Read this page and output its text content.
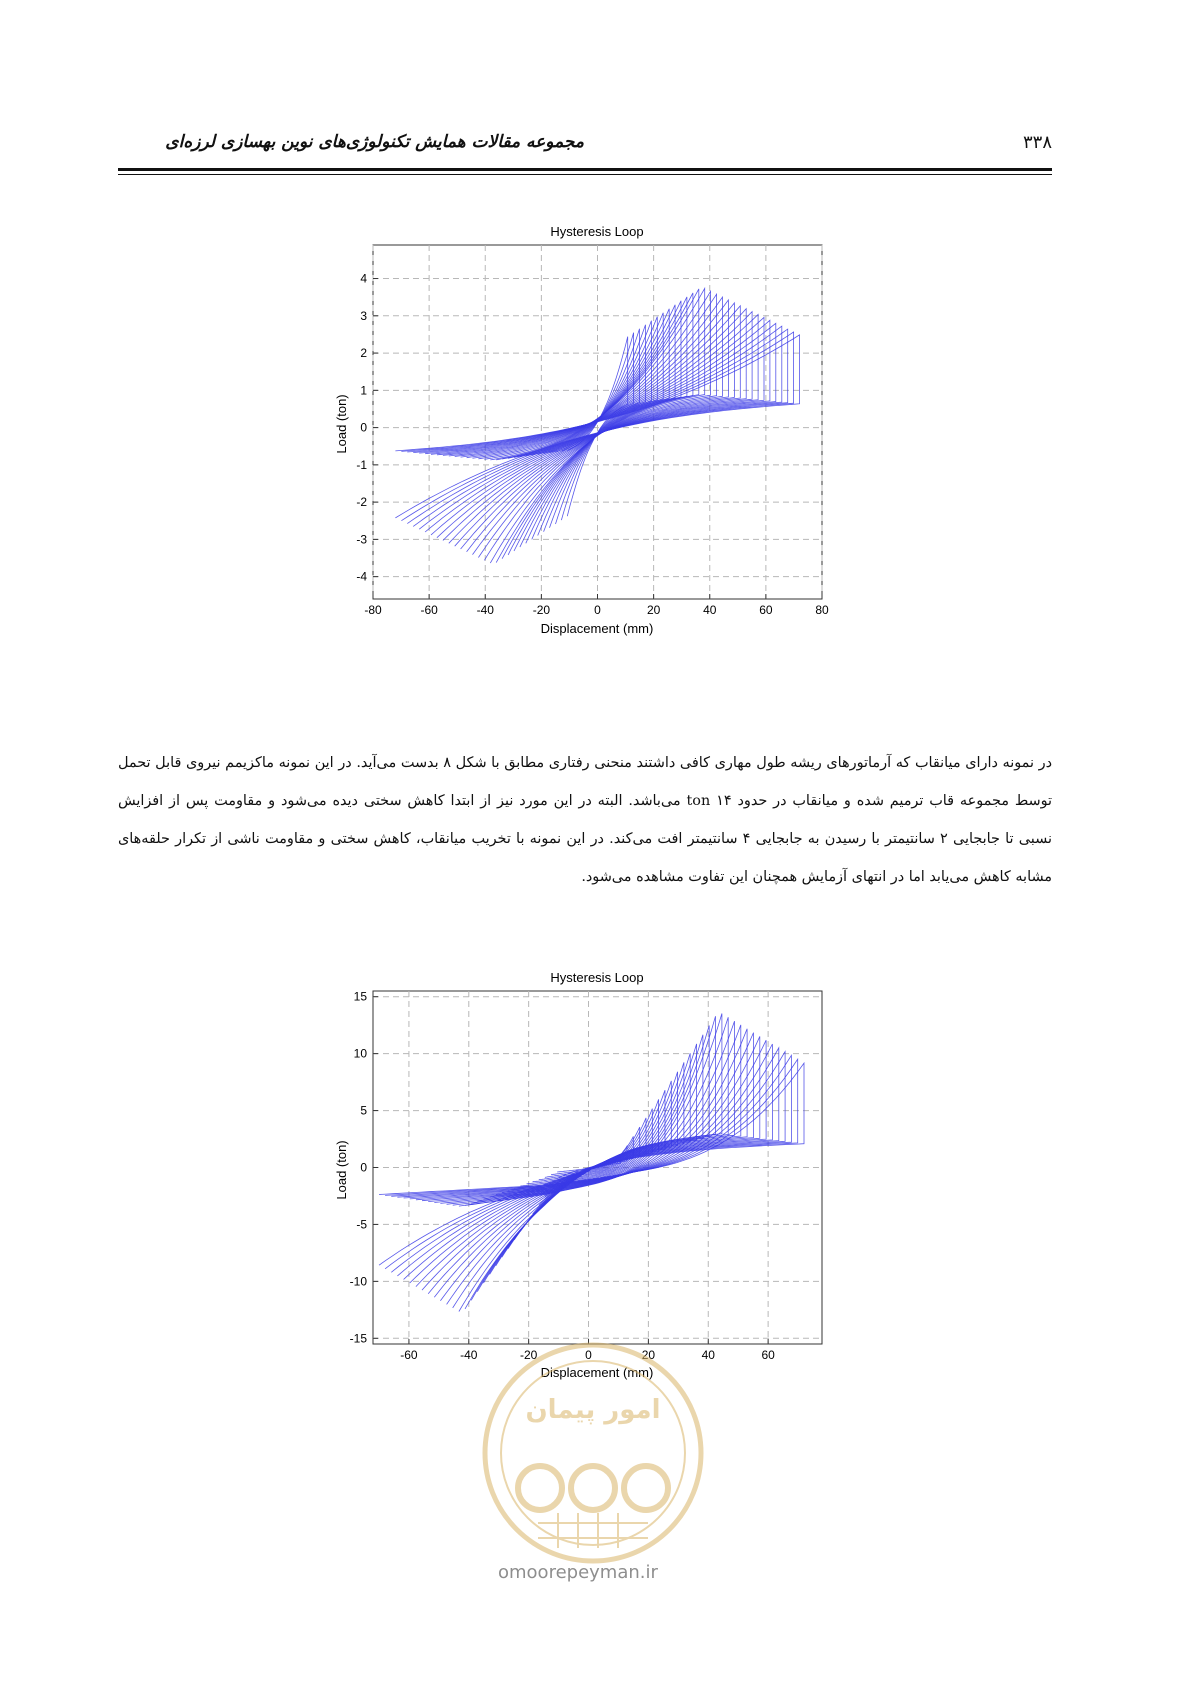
مجموعه مقالات همایش تکنولوژی‌های نوین بهسازی لرزه‌ای	۳۳۸
-80	-60	-40	-20	0	20	40	60	80
-4
-3
-2
-1
0
1
2
3
4
Hysteresis Loop
Displacement (mm)
Load (ton)

در نمونه دارای میانقاب که آرماتورهای ریشه طول مهاری کافی داشتند منحنی رفتاری مطابق با شکل ۸ بدست می‌آید. در این نمونه ماکزیمم نیروی قابل تحمل توسط مجموعه قاب ترمیم شده و میانقاب در حدود ton ۱۴ می‌باشد. البته در این مورد نیز از ابتدا کاهش سختی دیده می‌شود و مقاومت پس از افزایش نسبی تا جابجایی ۲ سانتیمتر با رسیدن به جابجایی ۴ سانتیمتر افت می‌کند. در این نمونه با تخریب میانقاب، کاهش سختی و مقاومت ناشی از تکرار حلقه‌های مشابه کاهش می‌یابد اما در انتهای آزمایش همچنان این تفاوت مشاهده می‌شود.

-60	-40	-20	0	20	40	60
-15
-10
-5
0
5
10
15
Hysteresis Loop
Displacement (mm)
Load (ton)
امور پیمان
omoorepeyman.ir
